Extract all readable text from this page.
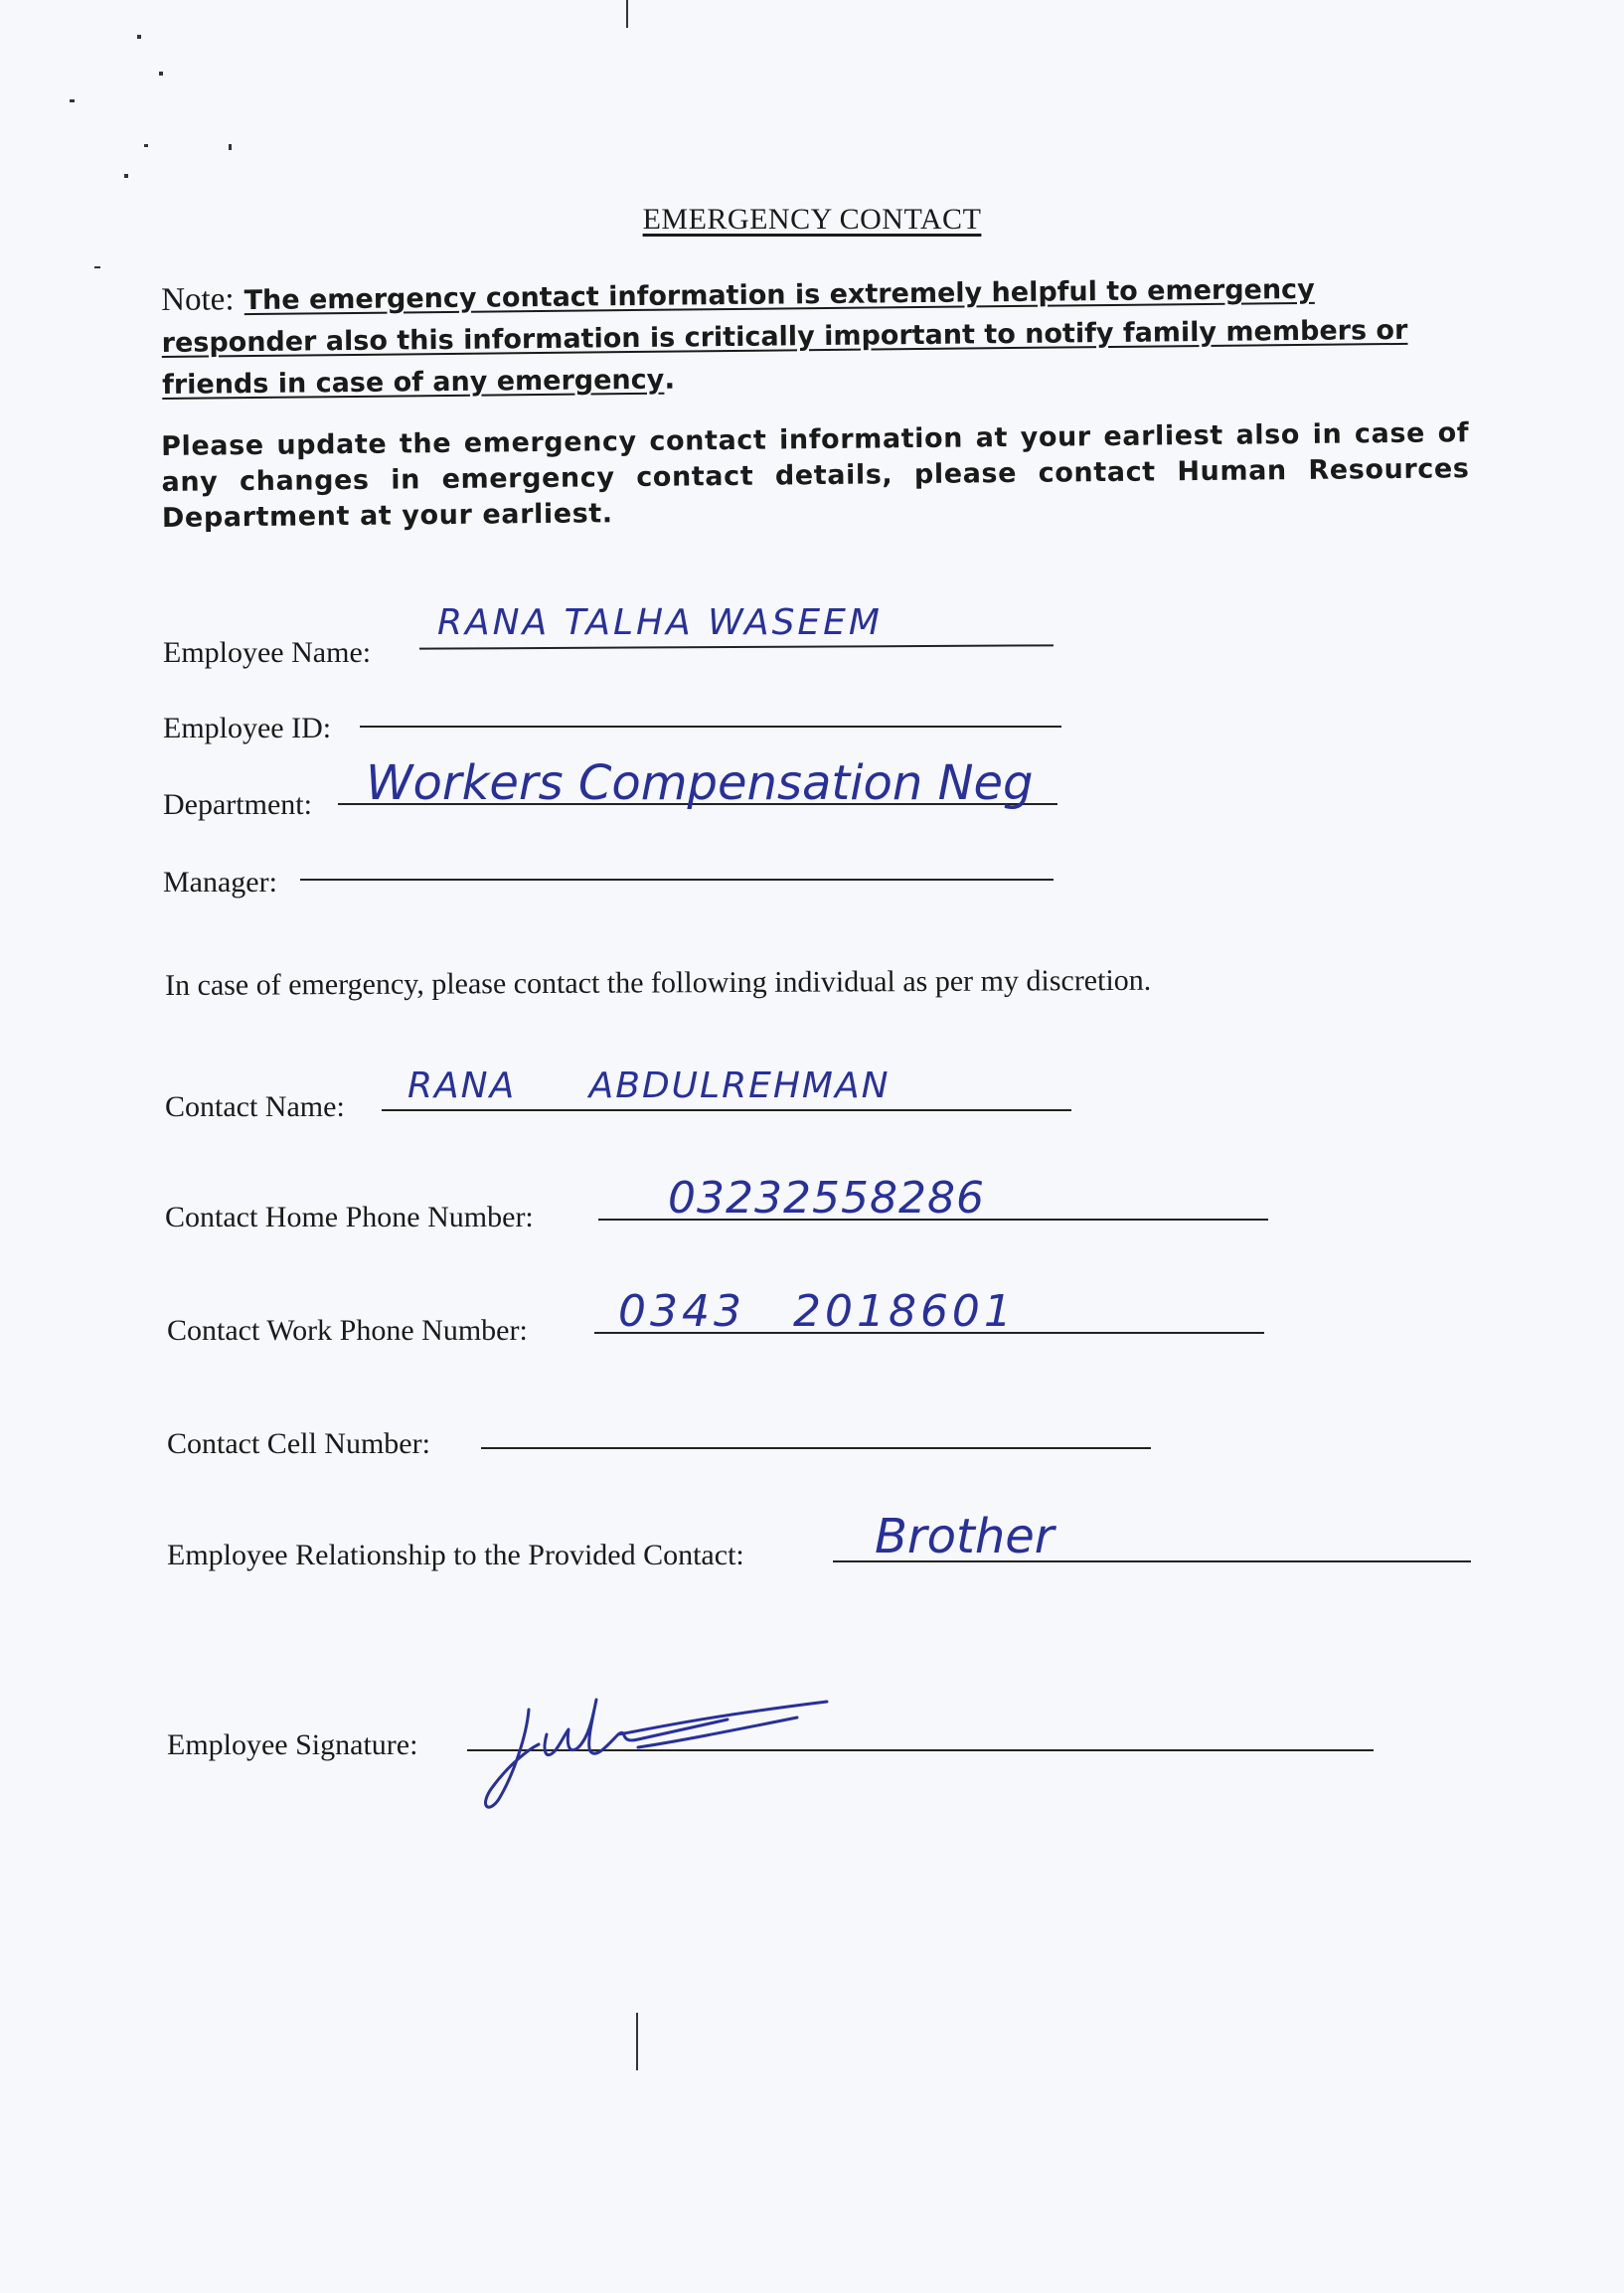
EMERGENCY CONTACT
Note: The emergency contact information is extremely helpful to emergency responder also this information is critically important to notify family members or friends in case of any emergency.
Please update the emergency contact information at your earliest also in case of any changes in emergency contact details, please contact Human Resources Department at your earliest.
Employee Name:
RANA TALHA WASEEM
Employee ID:
Department: Workers Compensation Neg
Manager:
In case of emergency, please contact the following individual as per my discretion.
Contact Name:
RANA ABDULREHMAN
Contact Home Phone Number:	03232558286
Contact Work Phone Number: 0343 2018601
Contact Cell Number:
Employee Relationship to the Provided Contact:	Brother
Employee Signature:
